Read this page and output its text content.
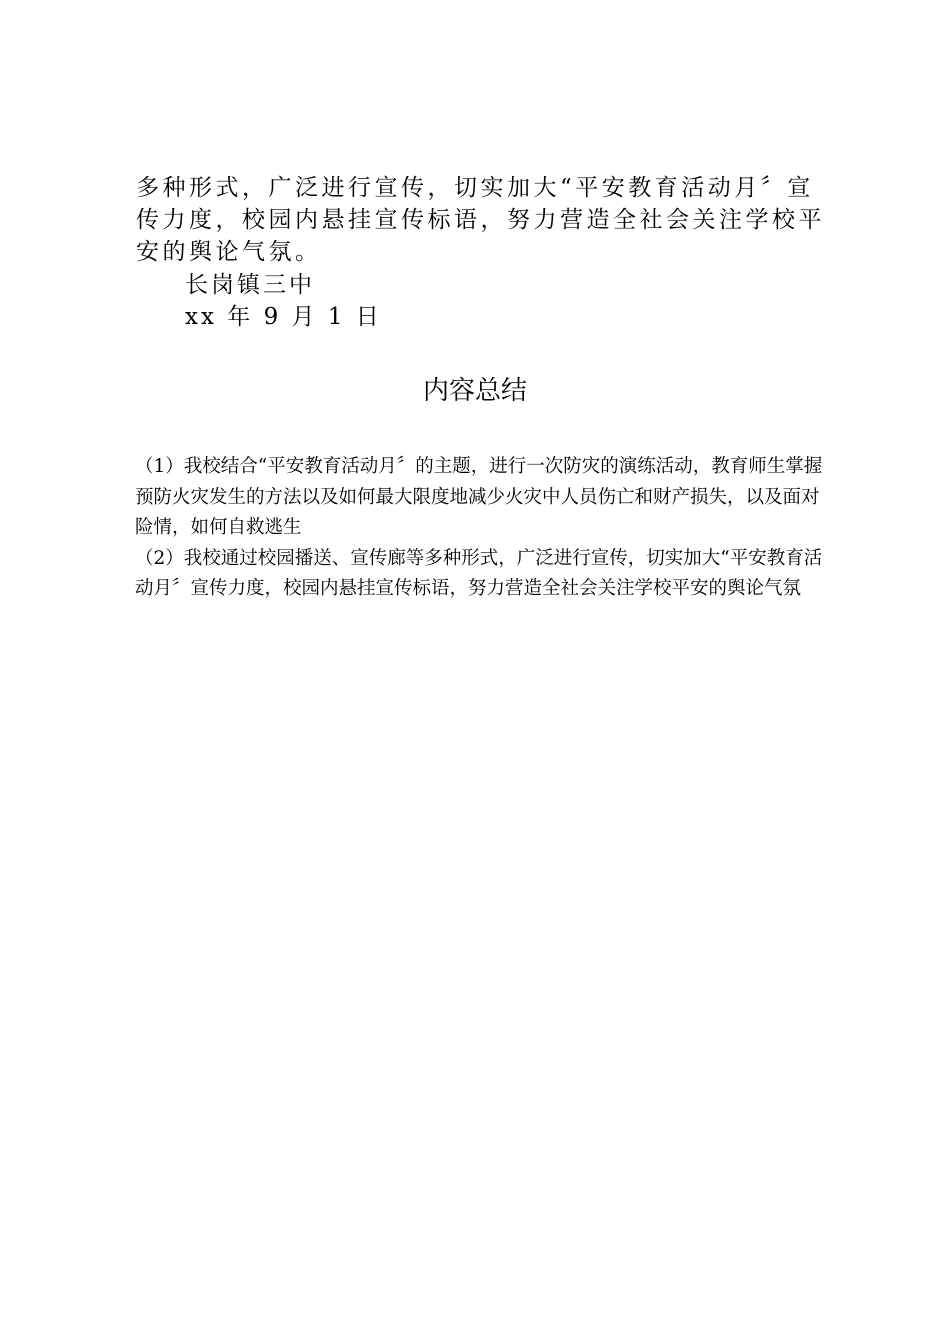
多种形式，广泛进行宣传，切实加大“平安教育活动月〞宣传力度，校园内悬挂宣传标语，努力营造全社会关注学校平安的舆论气氛。

长岗镇三中

xx 年 9 月 1 日

内容总结

（1）我校结合“平安教育活动月〞的主题，进行一次防灾的演练活动，教育师生掌握预防火灾发生的方法以及如何最大限度地减少火灾中人员伤亡和财产损失，以及面对险情，如何自救逃生

（2）我校通过校园播送、宣传廊等多种形式，广泛进行宣传，切实加大“平安教育活动月〞宣传力度，校园内悬挂宣传标语，努力营造全社会关注学校平安的舆论气氛
